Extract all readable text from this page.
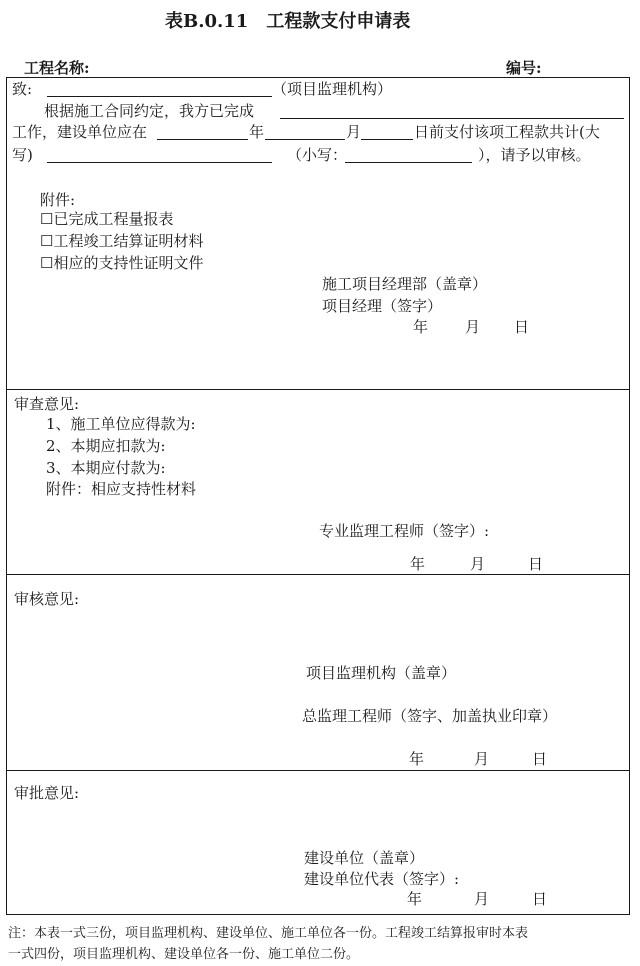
表B.0.11　工程款支付申请表
工程名称:	编号:
致:	（项目监理机构）
根据施工合同约定，我方已完成
工作，建设单位应在	年	月	日前支付该项工程款共计(大
写)	（小写：	），请予以审核。
附件:
☐已完成工程量报表
☐工程竣工结算证明材料
☐相应的支持性证明文件
施工项目经理部（盖章）
项目经理（签字）
年 月 日
审查意见:
1、施工单位应得款为:
2、本期应扣款为:
3、本期应付款为:
附件：相应支持性材料
专业监理工程师（签字）:
年	月	日
审核意见:
项目监理机构（盖章）
总监理工程师（签字、加盖执业印章）
年	月	日
审批意见:
建设单位（盖章）
建设单位代表（签字）:
年	月	日
注：本表一式三份，项目监理机构、建设单位、施工单位各一份。工程竣工结算报审时本表
一式四份，项目监理机构、建设单位各一份、施工单位二份。
